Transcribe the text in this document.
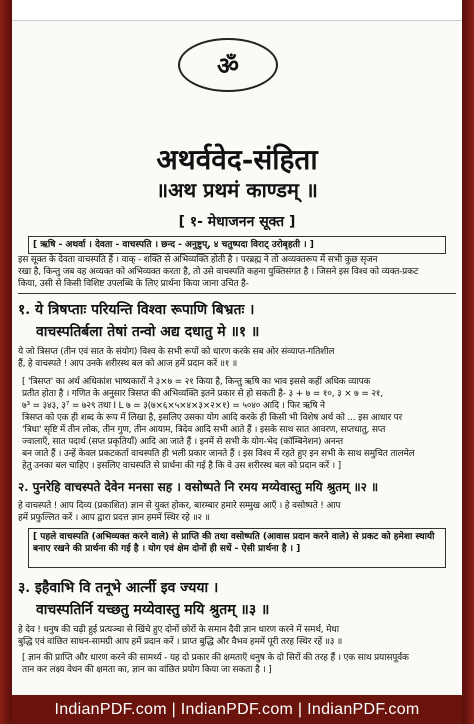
ॐ
अथर्ववेद-संहिता
॥अथ प्रथमं काण्डम् ॥
[ १- मेधाजनन सूक्त ]
[ ऋषि - अथर्वा । देवता - वाचस्पति । छन्द - अनुष्टुप्, ४ चतुष्पदा विराट् उरोबृहती । ]
इस सूक्त के देवता वाचस्पति हैं । वाक् - शक्ति से अभिव्यक्ति होती है । परब्रह्म ने तो अव्यक्तरूप में सभी कुछ सृजन
रखा है, किन्तु जब वह अव्यक्त को अभिव्यक्त करता है, तो उसे वाचस्पति कहना युक्तिसंगत है । जिसने इस विश्व को व्यक्त-प्रकट
किया, उसी से किसी विशिष्ट उपलब्धि के लिए प्रार्थना किया जाना उचित है-
१. ये त्रिषप्ताः परियन्ति विश्वा रूपाणि बिभ्रतः ।
वाचस्पतिर्बला तेषां तन्वो अद्य दधातु मे ॥१ ॥
ये जो त्रिसप्त (तीन एवं सात के संयोग) विश्व के सभी रूपों को धारण करके सब ओर संव्याप्त-गतिशील
हैं, हे वाचस्पते ! आप उनके शरीरस्थ बल को आज हमें प्रदान करें ॥१ ॥
[ 'त्रिसप्त' का अर्थ अधिकांश भाष्यकारों ने ३×७ = २१ किया है, किन्तु ऋषि का भाव इससे कहीं अधिक व्यापक
प्रतीत होता है । गणित के अनुसार त्रिसप्त की अभिव्यक्ति इतने प्रकार से हो सकती है- ३ + ७ = १०, ३ × ७ = २१,
७³ = ३४३, ३⁷ = ७२९ तथा I L ७ = ३(७×६×५×४×३×२×१) = ५०४० आदि । फिर ऋषि ने
त्रिसप्त को एक ही शब्द के रूप में लिखा है, इसलिए उसका योग आदि करके ही किसी भी विशेष अर्थ को ... इस आधार पर
'त्रिधा' सृष्टि में तीन लोक, तीन गुण, तीन आयाम, त्रिदेव आदि सभी आते हैं । इसके साथ सात आवरण, सप्तधातु, सप्त
ज्वालाएँ, सात पदार्थ (सप्त प्रकृतियाँ) आदि आ जाते हैं । इनमें से सभी के योग-भेद (कॉम्बिनेशन) अनन्त
बन जाते हैं । उन्हें केवल प्रकटकर्ता वाचस्पति ही भली प्रकार जानते हैं । इस विश्व में रहते हुए इन सभी के साथ समुचित तालमेल
हेतु उनका बल चाहिए । इसलिए वाचस्पति से प्रार्थना की गई है कि वे उस शरीरस्थ बल को प्रदान करें । ]
२. पुनरेहि वाचस्पते देवेन मनसा सह । वसोष्पते नि रमय मय्येवास्तु मयि श्रुतम् ॥२ ॥
हे वाचस्पते ! आप दिव्य (प्रकाशित) ज्ञान से युक्त होकर, बारम्बार हमारे सम्मुख आएँ । हे वसोष्पते ! आप
हमें प्रफुल्लित करें । आप द्वारा प्रदत्त ज्ञान हममें स्थिर रहे ॥२ ॥
[ पहले वाचस्पति (अभिव्यक्त करने वाले) से प्राप्ति की तथा वसोष्पति (आवास प्रदान करने वाले) से प्रकट को हमेशा स्थायी बनाए रखने की प्रार्थना की गई है । योग एवं क्षेम दोनों ही सधें - ऐसी प्रार्थना है । ]
३. इहैवाभि वि तनूभे आर्त्नी इव ज्यया ।
वाचस्पतिर्नि यच्छतु मय्येवास्तु मयि श्रुतम् ॥३ ॥
हे देव ! धनुष की चढ़ी हुई प्रत्यञ्चा से खिंचे हुए दोनों छोरों के समान दैवी ज्ञान धारण करने में समर्थ, मेधा
बुद्धि एवं वांछित साधन-सामग्री आप हमें प्रदान करें । प्राप्त बुद्धि और वैभव हममें पूरी तरह स्थिर रहें ॥३ ॥
[ ज्ञान की प्राप्ति और धारण करने की सामर्थ्य - यह दो प्रकार की क्षमताएँ धनुष के दो सिरों की तरह हैं । एक साथ प्रयासपूर्वक
तान कर लक्ष्य वेधन की क्षमता का, ज्ञान का वांछित प्रयोग किया जा सकता है । ]
IndianPDF.com | IndianPDF.com | IndianPDF.com
